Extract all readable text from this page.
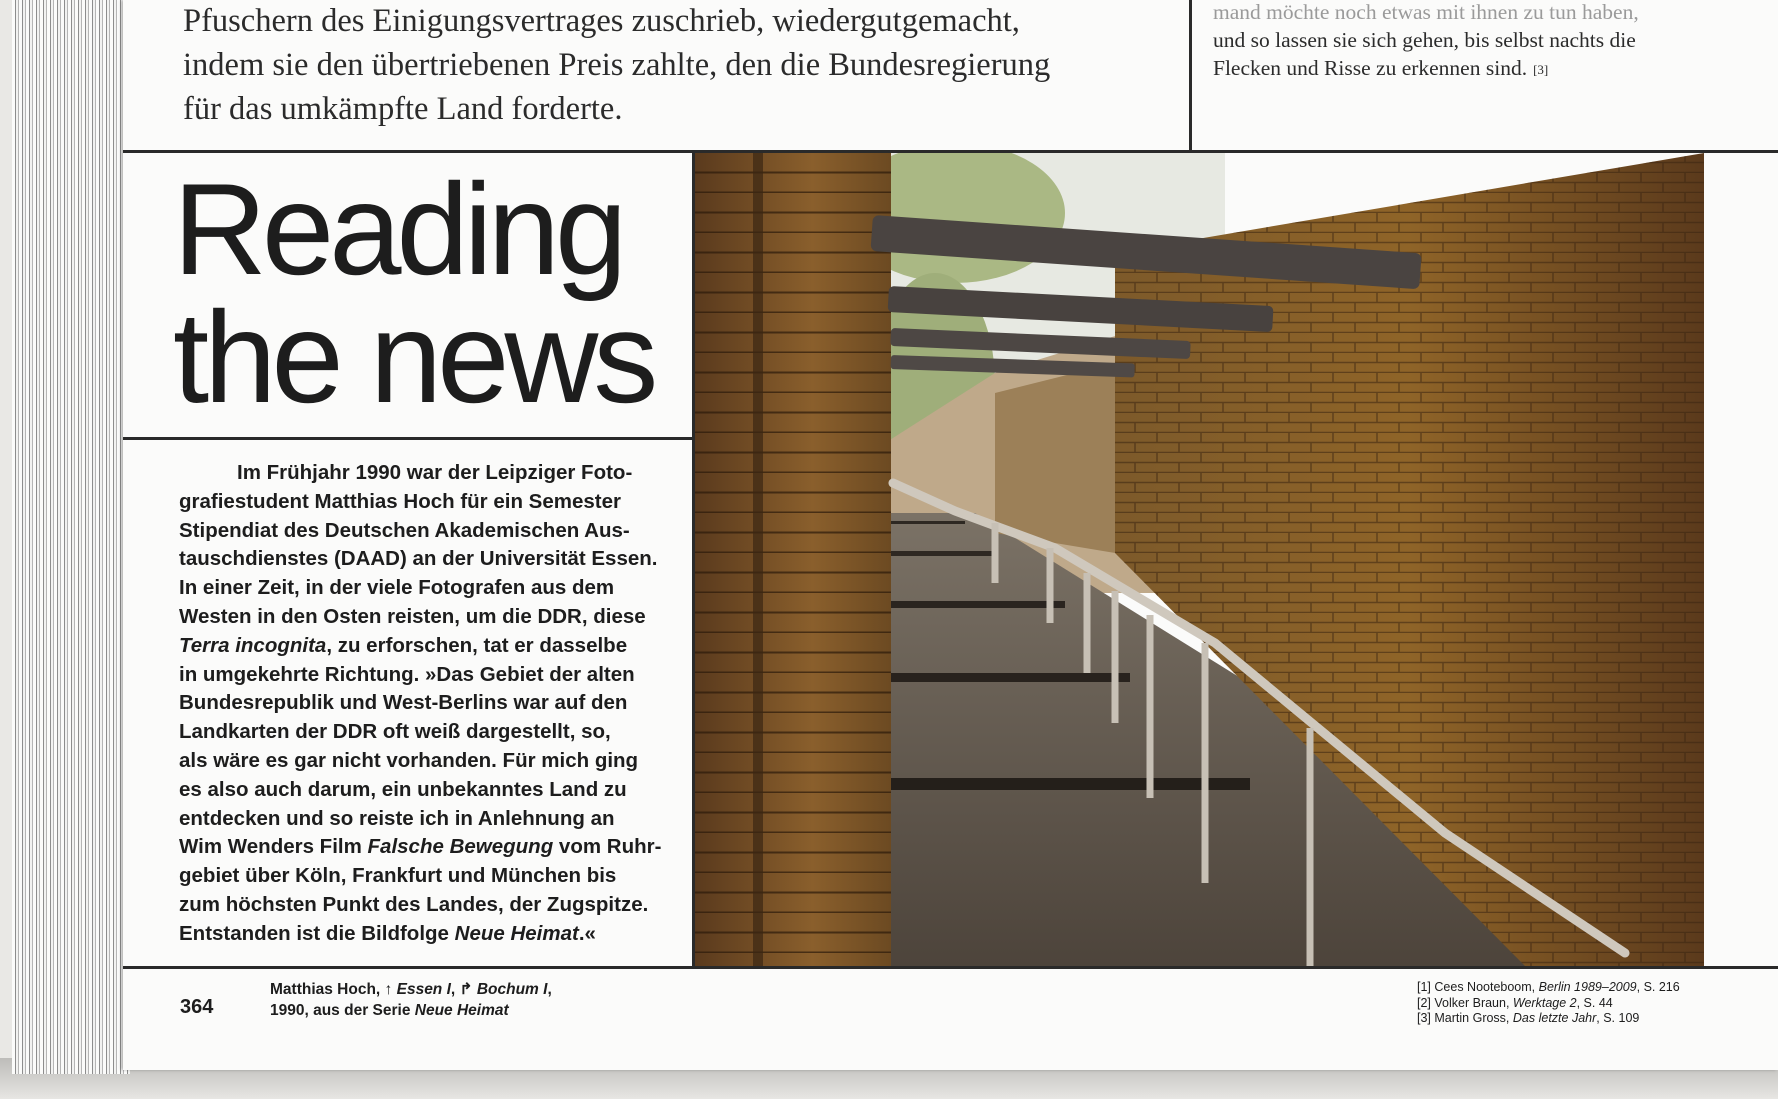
Pfuschern des Einigungsvertrages zuschrieb, wiedergutgemacht,
indem sie den übertriebenen Preis zahlte, den die Bundesregierung
für das umkämpfte Land forderte.
mand möchte noch etwas mit ihnen zu tun haben,
und so lassen sie sich gehen, bis selbst nachts die
Flecken und Risse zu erkennen sind. [3]
Reading
the news
Im Frühjahr 1990 war der Leipziger Foto-
grafiestudent Matthias Hoch für ein Semester
Stipendiat des Deutschen Akademischen Aus-
tauschdienstes (DAAD) an der Universität Essen.
In einer Zeit, in der viele Fotografen aus dem
Westen in den Osten reisten, um die DDR, diese
Terra incognita, zu erforschen, tat er dasselbe
in umgekehrte Richtung. »Das Gebiet der alten
Bundesrepublik und West-Berlins war auf den
Landkarten der DDR oft weiß dargestellt, so,
als wäre es gar nicht vorhanden. Für mich ging
es also auch darum, ein unbekanntes Land zu
entdecken und so reiste ich in Anlehnung an
Wim Wenders Film Falsche Bewegung vom Ruhr-
gebiet über Köln, Frankfurt und München bis
zum höchsten Punkt des Landes, der Zugspitze.
Entstanden ist die Bildfolge Neue Heimat.«
364
Matthias Hoch, ↑ Essen I, ↱ Bochum I,
1990, aus der Serie Neue Heimat
[1] Cees Nooteboom, Berlin 1989–2009, S. 216
[2] Volker Braun, Werktage 2, S. 44
[3] Martin Gross, Das letzte Jahr, S. 109
